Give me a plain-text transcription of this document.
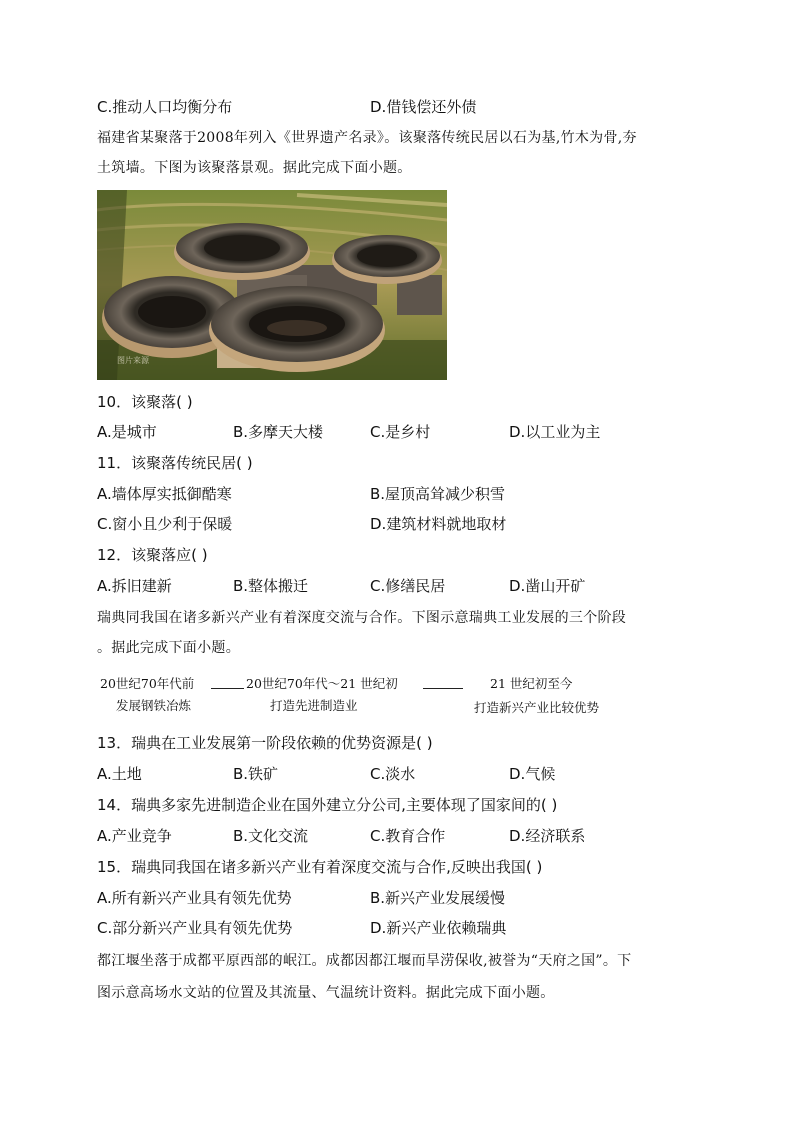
C.推动人口均衡分布	D.借钱偿还外债
福建省某聚落于2008年列入《世界遗产名录》。该聚落传统民居以石为基,竹木为骨,夯
土筑墙。下图为该聚落景观。据此完成下面小题。
图片来源
10．该聚落( )
A.是城市	B.多摩天大楼	C.是乡村	D.以工业为主
11．该聚落传统民居( )
A.墙体厚实抵御酷寒	B.屋顶高耸减少积雪
C.窗小且少利于保暖	D.建筑材料就地取材
12．该聚落应( )
A.拆旧建新	B.整体搬迁	C.修缮民居	D.凿山开矿
瑞典同我国在诸多新兴产业有着深度交流与合作。下图示意瑞典工业发展的三个阶段
。据此完成下面小题。
20世纪70年代前	20世纪70年代～21 世纪初	21 世纪初至今
发展钢铁冶炼	打造先进制造业	打造新兴产业比较优势
13．瑞典在工业发展第一阶段依赖的优势资源是( )
A.土地	B.铁矿	C.淡水	D.气候
14．瑞典多家先进制造企业在国外建立分公司,主要体现了国家间的( )
A.产业竞争	B.文化交流	C.教育合作	D.经济联系
15．瑞典同我国在诸多新兴产业有着深度交流与合作,反映出我国( )
A.所有新兴产业具有领先优势	B.新兴产业发展缓慢
C.部分新兴产业具有领先优势	D.新兴产业依赖瑞典
都江堰坐落于成都平原西部的岷江。成都因都江堰而旱涝保收,被誉为“天府之国”。下
图示意高场水文站的位置及其流量、气温统计资料。据此完成下面小题。
